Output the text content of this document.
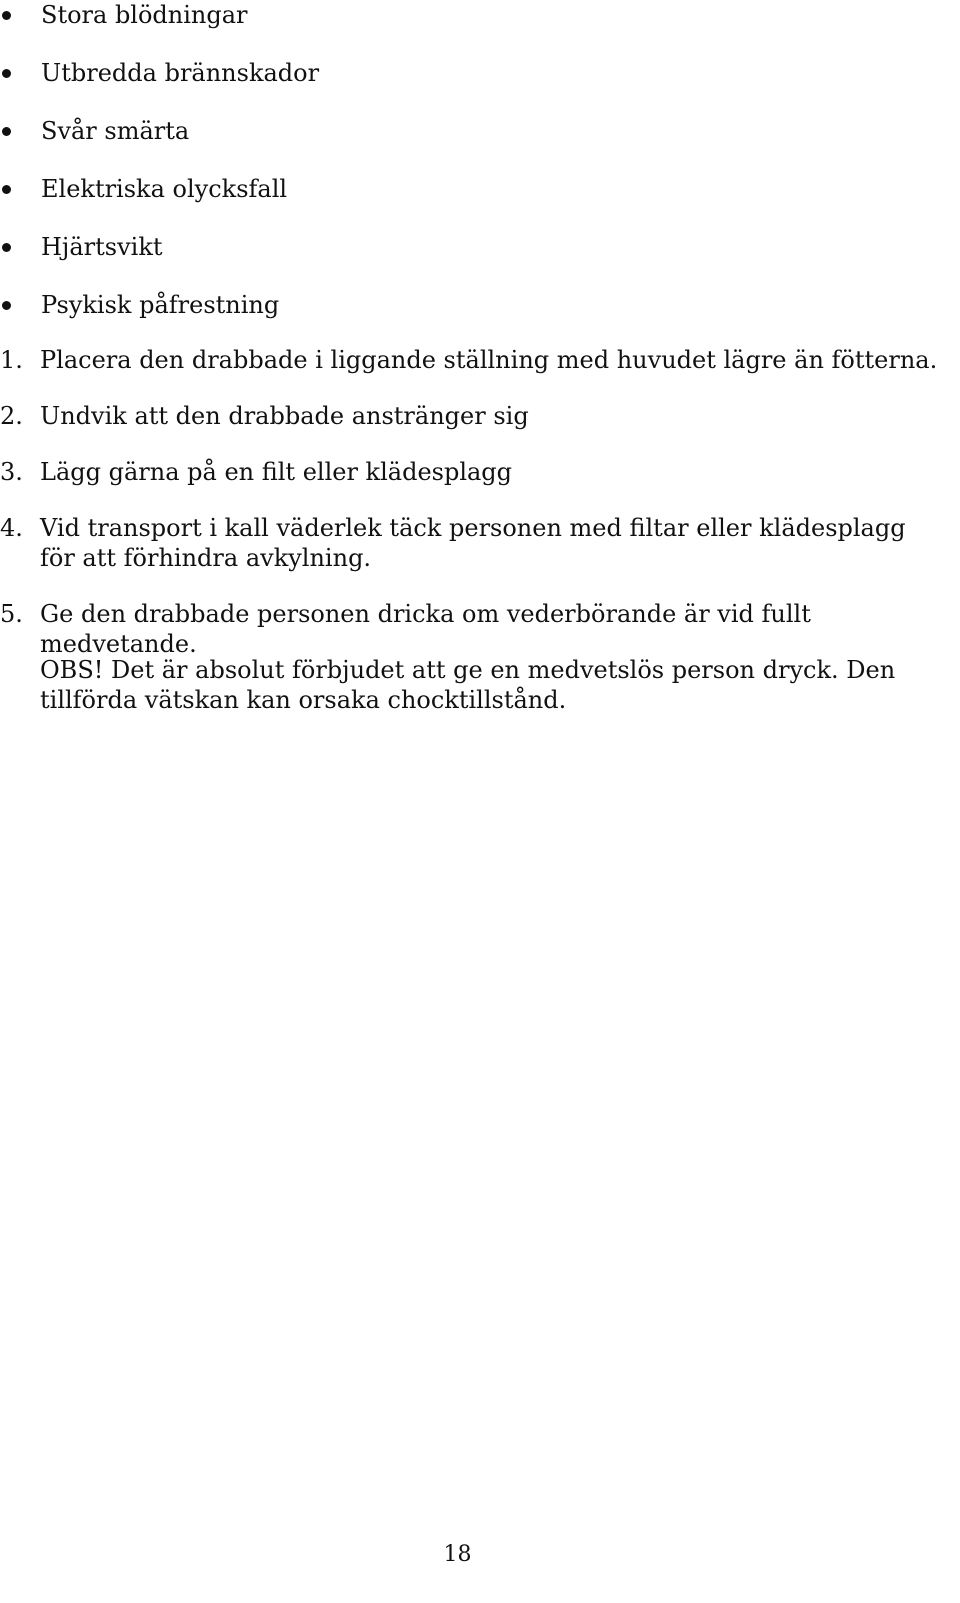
Stora blödningar
Utbredda brännskador
Svår smärta
Elektriska olycksfall
Hjärtsvikt
Psykisk påfrestning
1. Placera den drabbade i liggande ställning med huvudet lägre än fötterna.
2. Undvik att den drabbade anstränger sig
3. Lägg gärna på en filt eller klädesplagg
4. Vid transport i kall väderlek täck personen med filtar eller klädesplagg för att förhindra avkylning.
5. Ge den drabbade personen dricka om vederbörande är vid fullt medvetande.
OBS! Det är absolut förbjudet att ge en medvetslös person dryck. Den tillförda vätskan kan orsaka chocktillstånd.
18
